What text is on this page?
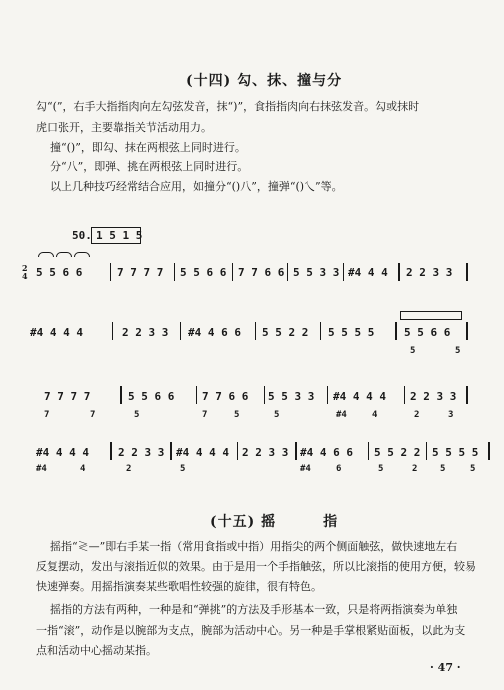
(十四) 勾、抹、撞与分
勾“(”，右手大指指肉向左勾弦发音，抹“)”，食指指肉向右抹弦发音。勾或抹时
虎口张开，主要靠指关节活动用力。
撞“()”，即勾、抹在两根弦上同时进行。
分“八”，即弹、挑在两根弦上同时进行。
以上几种技巧经常结合应用，如撞分“()八”，撞弹“()乀”等。
50. 1 5 1 5
2
4 5 5 6 6	7 7 7 7 5 5 6 6 7 7 6 6 5 5 3 3 #4 4 4 2 2 3 3
#4 4 4 4	2 2 3 3 #4 4 6 6 5 5 2 2 5 5 5 5	5 5 6 6
5	5
7 7 7 7	5 5 6 6	7 7 6 6 5 5 3 3 #4 4 4 4 2 2 3 3
7	7	5	7	5	5	#4	4	2	3
#4 4 4 4	2 2 3 3 #4 4 4 4 2 2 3 3 #4 4 6 6 5 5 2 2
#4	4	2	5	#4	6	5	2	5	5
5 5 5 5
(十五) 摇        指
摇指“≷—”即右手某一指（常用食指或中指）用指尖的两个侧面触弦，做快速地左右
反复摆动，发出与滚指近似的效果。由于是用一个手指触弦，所以比滚指的使用方便，较易
快速弹奏。用摇指演奏某些歌唱性较强的旋律，很有特色。
摇指的方法有两种，一种是和“弹挑”的方法及手形基本一致，只是将两指演奏为单独
一指“滚”，动作是以腕部为支点，腕部为活动中心。另一种是手掌根紧贴面板，以此为支
点和活动中心摇动某指。
· 47 ·
